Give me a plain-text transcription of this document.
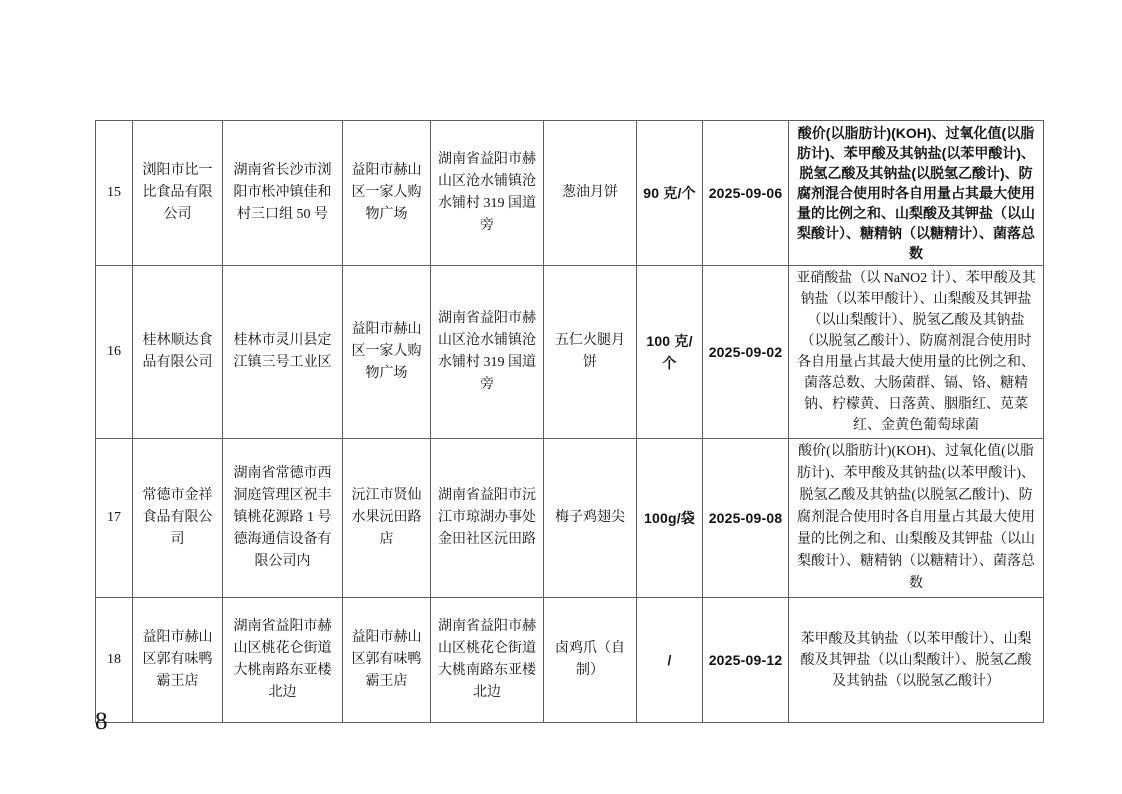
15	浏阳市比一比食品有限公司	湖南省长沙市浏阳市枨冲镇佳和村三口组 50 号	益阳市赫山区一家人购物广场	湖南省益阳市赫山区沧水铺镇沧水铺村 319 国道旁	葱油月饼	90 克/个	2025-09-06	酸价(以脂肪计)(KOH)、过氧化值(以脂肪计)、苯甲酸及其钠盐(以苯甲酸计)、脱氢乙酸及其钠盐(以脱氢乙酸计)、防腐剂混合使用时各自用量占其最大使用量的比例之和、山梨酸及其钾盐（以山梨酸计）、糖精钠（以糖精计）、菌落总数
16	桂林顺达食品有限公司	桂林市灵川县定江镇三号工业区	益阳市赫山区一家人购物广场	湖南省益阳市赫山区沧水铺镇沧水铺村 319 国道旁	五仁火腿月饼	100 克/个	2025-09-02	亚硝酸盐（以 NaNO2 计）、苯甲酸及其钠盐（以苯甲酸计）、山梨酸及其钾盐（以山梨酸计）、脱氢乙酸及其钠盐（以脱氢乙酸计）、防腐剂混合使用时各自用量占其最大使用量的比例之和、菌落总数、大肠菌群、镉、铬、糖精钠、柠檬黄、日落黄、胭脂红、苋菜红、金黄色葡萄球菌
17	常德市金祥食品有限公司	湖南省常德市西洞庭管理区祝丰镇桃花源路 1 号德海通信设备有限公司内	沅江市贤仙水果沅田路店	湖南省益阳市沅江市琼湖办事处金田社区沅田路	梅子鸡翅尖	100g/袋	2025-09-08	酸价(以脂肪计)(KOH)、过氧化值(以脂肪计)、苯甲酸及其钠盐(以苯甲酸计)、脱氢乙酸及其钠盐(以脱氢乙酸计)、防腐剂混合使用时各自用量占其最大使用量的比例之和、山梨酸及其钾盐（以山梨酸计）、糖精钠（以糖精计）、菌落总数
18	益阳市赫山区郭有味鸭霸王店	湖南省益阳市赫山区桃花仑街道大桃南路东亚楼北边	益阳市赫山区郭有味鸭霸王店	湖南省益阳市赫山区桃花仑街道大桃南路东亚楼北边	卤鸡爪（自制）	/	2025-09-12	苯甲酸及其钠盐（以苯甲酸计）、山梨酸及其钾盐（以山梨酸计）、脱氢乙酸及其钠盐（以脱氢乙酸计）
8
